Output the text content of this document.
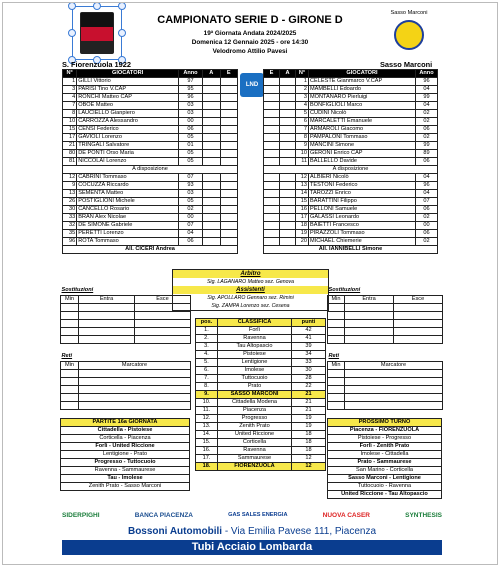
CAMPIONATO SERIE D - GIRONE D
19ª Giornata Andata 2024/2025
Domenica 12 Gennaio 2025 - ore 14:30
Velodromo Attilio Pavesi
Sasso Marconi
S. Fiorenzuola 1922	Sasso Marconi
LND
N°	GIOCATORI	Anno	A	E
1	GILLI Vittorio	97		
3	PARISI Tino V.CAP	95		
4	RONCHI Matteo CAP	96		
7	OBOE Matteo	03		
8	LAUCIELLO Gianpiero	03		
10	CARROZZA Alessandro	00		
15	CENSI Federico	06		
17	GAVIOLI Lorenzo	05		
21	TRINGALI Salvatore	01		
80	DE PONTI Orso Maria	05		
81	NICCOLAI Lorenzo	05		
A disposizione				
12	CABRINI Tommaso	07		
9	COCUZZA Riccardo	93		
13	SEMENTA Matteo	03		
26	POSTIGLIONI Michele	05		
30	CANCELLO Rosario	02		
33	BRAN Alex Nicolae	00		
32	DE SIMONE Gabriele	07		
35	PERETTI Lorenzo	04		
96	ROTA Tommaso	06		
All. CICERI Andrea				
E	A	N°	GIOCATORI	Anno
		1	CELESTE Gianmarco V.CAP	96
		2	MAMBELLI Edoardo	04
		3	MONTANARO Pierluigi	99
		4	BONFIGLIOLI Marco	04
		5	CUDINI Nicolò	02
		6	MARCALETTI Emanuele	02
		7	ARMAROLI Giacomo	06
		8	PAMPALONI Tommaso	02
		9	MANCINI Simone	99
		10	GERONI Enrico CAP	89
		11	BALLELLO Davide	06
A disposizione				
		12	ALBIERI Nicolò	04
		13	TESTONI Federico	96
		14	TAROZZI Enrico	04
		15	BARATTINI Filippo	07
		16	PELLONI Samuele	06
		17	GALASSI Leonardo	02
		18	BAIETTI Francesco	00
		19	PIRAZZOLI Tommaso	06
		20	MICHAEL Chiemerie	02
All. IANNIBELLI Simone				
Arbitro
Sig. LAGANARO Matteo sez. Genova
Assistenti
Sig. APOLLARO Gennaro sez. Rimini
Sig. ZAMPA Lorenzo sez. Cesena
Sostituzioni		
Min	Entra	Esce

Sostituzioni		
Min	Entra	Esce

Reti	
Min	Marcatore

Reti	
Min	Marcatore

pos.	CLASSIFICA	punti
1.	Forlì	42
2.	Ravenna	41
3.	Tau Altopascio	39
4.	Pistoiese	34
5.	Lentigione	33
6.	Imolese	30
7.	Tuttocuoio	28
8.	Prato	22
9.	SASSO MARCONI	21
10.	Cittadella Modena	21
11.	Piacenza	21
12.	Progresso	19
13.	Zenith Prato	19
14.	United Riccione	18
15.	Corticella	18
16.	Ravenna	18
17.	Sammaurese	12
18.	FIORENZUOLA	12
PARTITE 16a GIORNATA
Cittadella - Pistoiese
Corticella - Piacenza
Forlì - United Riccione
Lentigione - Prato
Progresso - Tuttocuoio
Ravenna - Sammaurese
Tau - Imolese
Zenith Prato - Sasso Marconi
PROSSIMO TURNO
Piacenza - FIORENZUOLA
Pistoiese - Progresso
Forlì - Zenith Prato
Imolese - Cittadella
Prato - Sammaurese
San Marino - Corticella
Sasso Marconi - Lentigione
Tuttocuoio - Ravenna
United Riccione - Tau Altopascio
SIDERPIGHI	BANCA PIACENZA	GAS SALES ENERGIA	NUOVA CASER	SYNTHESIS
Bossoni Automobili - Via Emilia Pavese 111, Piacenza
Tubi Acciaio Lombarda
